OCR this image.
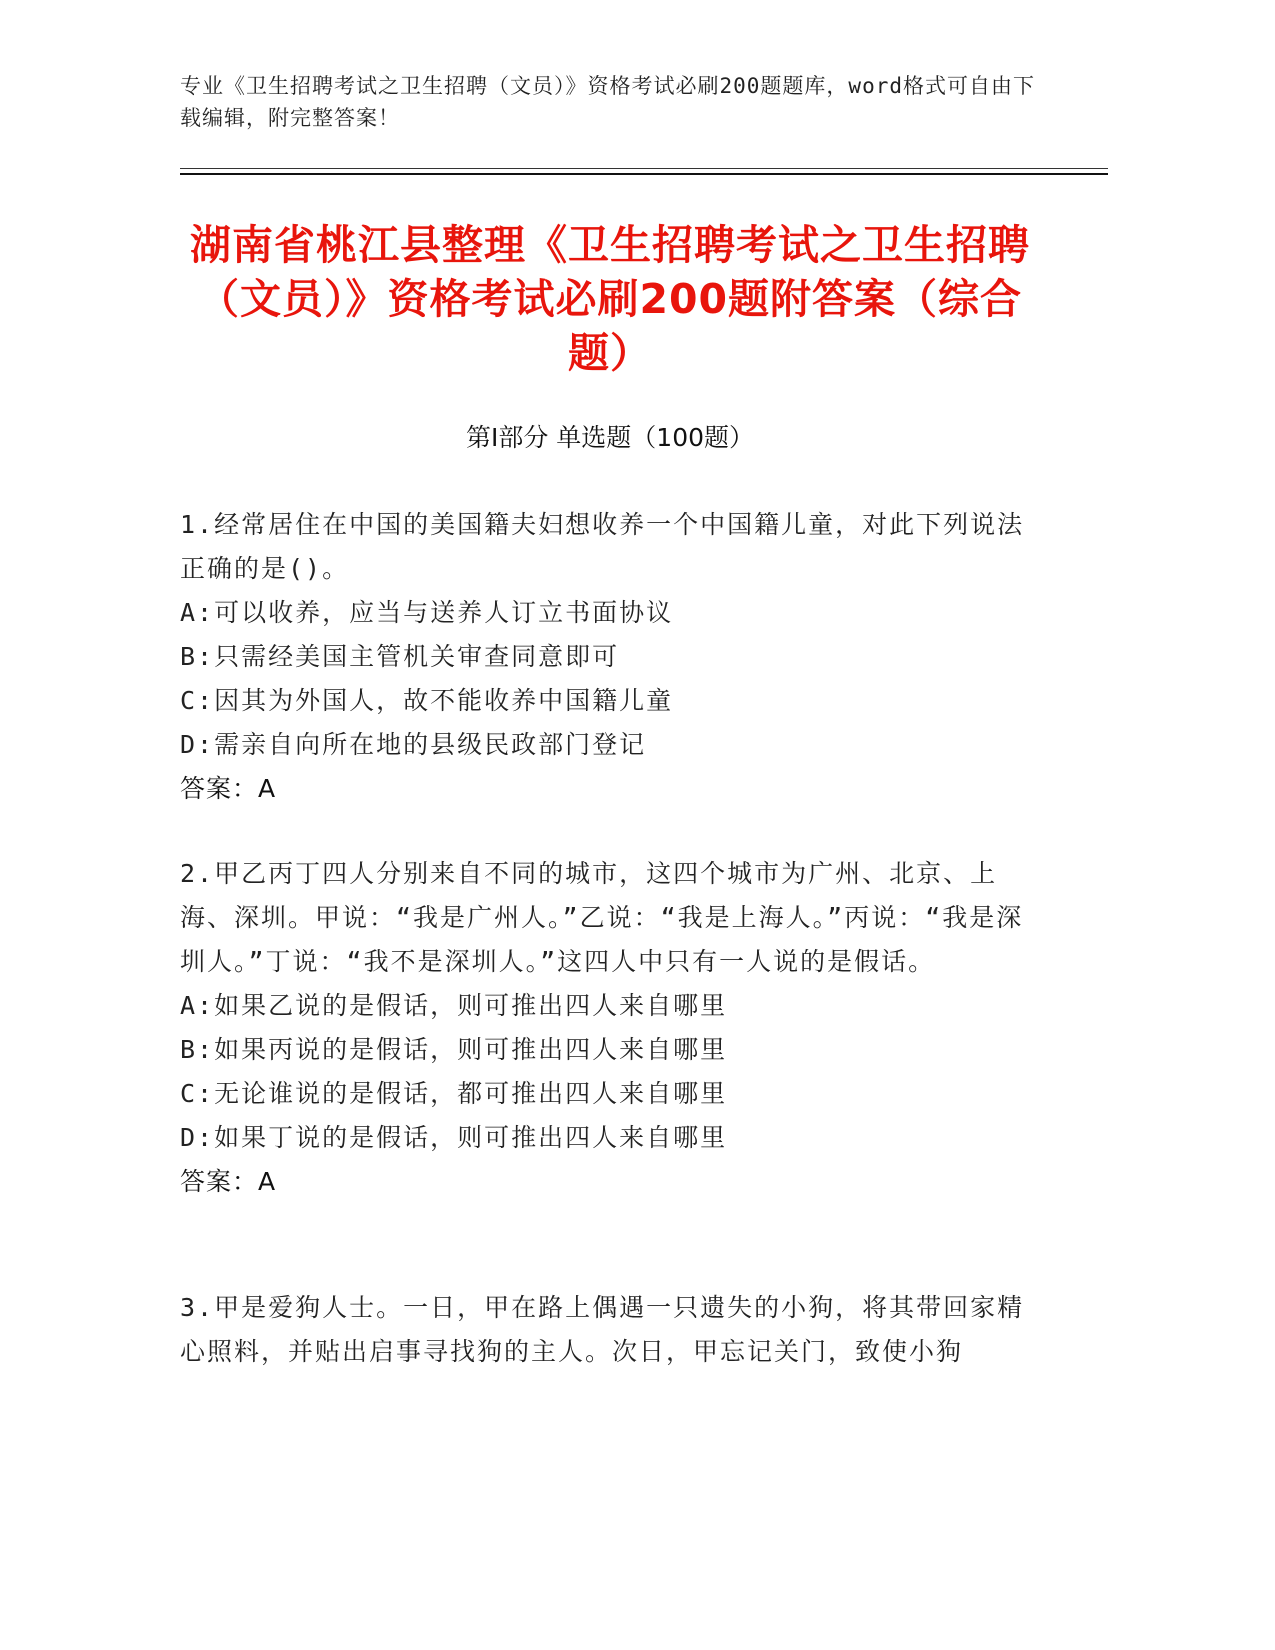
专业《卫生招聘考试之卫生招聘（文员）》资格考试必刷200题题库，word格式可自由下载编辑，附完整答案！
湖南省桃江县整理《卫生招聘考试之卫生招聘（文员）》资格考试必刷200题附答案（综合题）
第Ⅰ部分 单选题（100题）

1.经常居住在中国的美国籍夫妇想收养一个中国籍儿童，对此下列说法正确的是()。

A:可以收养，应当与送养人订立书面协议

B:只需经美国主管机关审查同意即可

C:因其为外国人，故不能收养中国籍儿童

D:需亲自向所在地的县级民政部门登记

答案：A

2.甲乙丙丁四人分别来自不同的城市，这四个城市为广州、北京、上海、深圳。甲说：“我是广州人。”乙说：“我是上海人。”丙说：“我是深圳人。”丁说：“我不是深圳人。”这四人中只有一人说的是假话。

A:如果乙说的是假话，则可推出四人来自哪里

B:如果丙说的是假话，则可推出四人来自哪里

C:无论谁说的是假话，都可推出四人来自哪里

D:如果丁说的是假话，则可推出四人来自哪里

答案：A

3.甲是爱狗人士。一日，甲在路上偶遇一只遗失的小狗，将其带回家精心照料，并贴出启事寻找狗的主人。次日，甲忘记关门，致使小狗
